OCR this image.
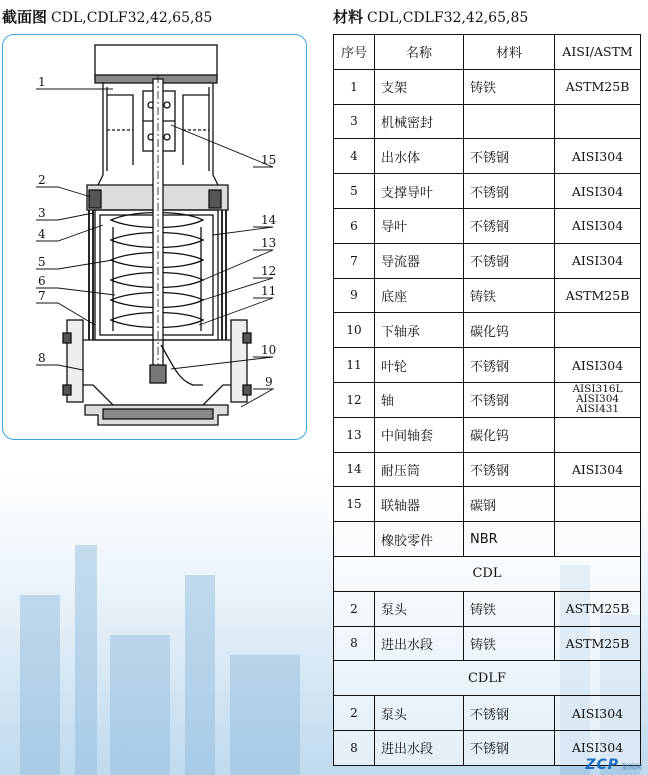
截面图 CDL,CDLF32,42,65,85	材料 CDL,CDLF32,42,65,85
1
2
3
4
5
6
7
8
9
10
11
12
13
14
15
序号	名称	材料	AISI/ASTM
1	支架	铸铁	ASTM25B
3	机械密封		
4	出水体	不锈钢	AISI304
5	支撑导叶	不锈钢	AISI304
6	导叶	不锈钢	AISI304
7	导流器	不锈钢	AISI304
9	底座	铸铁	ASTM25B
10	下轴承	碳化钨	
11	叶轮	不锈钢	AISI304
12	轴	不锈钢	AISI316L
AISI304
AISI431

13	中间轴套	碳化钨	
14	耐压筒	不锈钢	AISI304
15	联轴器	碳钢	
	橡胶零件	NBR	
CDL			
2	泵头	铸铁	ASTM25B
8	进出水段	铸铁	ASTM25B
CDLF			
2	泵头	不锈钢	AISI304
8	进出水段	不锈钢	AISI304
ZCP 泵阀网
